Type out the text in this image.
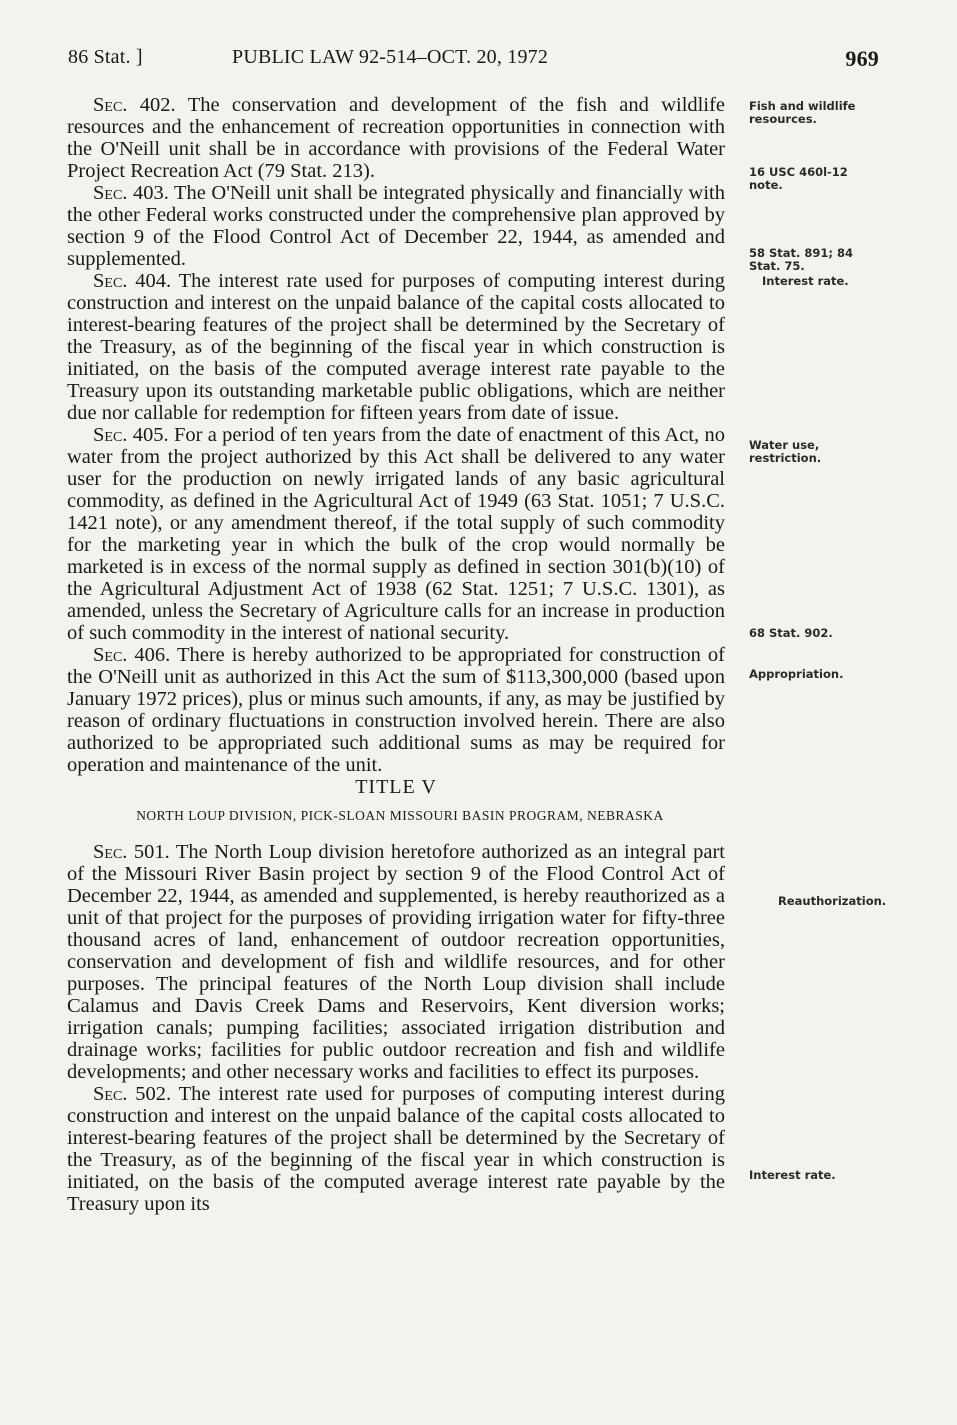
86 Stat. ]	PUBLIC LAW 92-514–OCT. 20, 1972	969

Sec. 402. The conservation and development of the fish and wildlife resources and the enhancement of recreation opportunities in connection with the O'Neill unit shall be in accordance with provisions of the Federal Water Project Recreation Act (79 Stat. 213).

Sec. 403. The O'Neill unit shall be integrated physically and financially with the other Federal works constructed under the comprehensive plan approved by section 9 of the Flood Control Act of December 22, 1944, as amended and supplemented.

Sec. 404. The interest rate used for purposes of computing interest during construction and interest on the unpaid balance of the capital costs allocated to interest-bearing features of the project shall be determined by the Secretary of the Treasury, as of the beginning of the fiscal year in which construction is initiated, on the basis of the computed average interest rate payable to the Treasury upon its outstanding marketable public obligations, which are neither due nor callable for redemption for fifteen years from date of issue.

Sec. 405. For a period of ten years from the date of enactment of this Act, no water from the project authorized by this Act shall be delivered to any water user for the production on newly irrigated lands of any basic agricultural commodity, as defined in the Agricultural Act of 1949 (63 Stat. 1051; 7 U.S.C. 1421 note), or any amendment thereof, if the total supply of such commodity for the marketing year in which the bulk of the crop would normally be marketed is in excess of the normal supply as defined in section 301(b)(10) of the Agricultural Adjustment Act of 1938 (62 Stat. 1251; 7 U.S.C. 1301), as amended, unless the Secretary of Agriculture calls for an increase in production of such commodity in the interest of national security.

Sec. 406. There is hereby authorized to be appropriated for construction of the O'Neill unit as authorized in this Act the sum of $113,300,000 (based upon January 1972 prices), plus or minus such amounts, if any, as may be justified by reason of ordinary fluctuations in construction involved herein. There are also authorized to be appropriated such additional sums as may be required for operation and maintenance of the unit.

TITLE V
NORTH LOUP DIVISION, PICK-SLOAN MISSOURI BASIN PROGRAM, NEBRASKA

Sec. 501. The North Loup division heretofore authorized as an integral part of the Missouri River Basin project by section 9 of the Flood Control Act of December 22, 1944, as amended and supplemented, is hereby reauthorized as a unit of that project for the purposes of providing irrigation water for fifty-three thousand acres of land, enhancement of outdoor recreation opportunities, conservation and development of fish and wildlife resources, and for other purposes. The principal features of the North Loup division shall include Calamus and Davis Creek Dams and Reservoirs, Kent diversion works; irrigation canals; pumping facilities; associated irrigation distribution and drainage works; facilities for public outdoor recreation and fish and wildlife developments; and other necessary works and facilities to effect its purposes.

Sec. 502. The interest rate used for purposes of computing interest during construction and interest on the unpaid balance of the capital costs allocated to interest-bearing features of the project shall be determined by the Secretary of the Treasury, as of the beginning of the fiscal year in which construction is initiated, on the basis of the computed average interest rate payable by the Treasury upon its

Fish and wildlife resources.
16 USC 460l-12 note.
58 Stat. 891; 84 Stat. 75.
Interest rate.
Water use, restriction.
68 Stat. 902.
Appropriation.
Reauthorization.
Interest rate.
